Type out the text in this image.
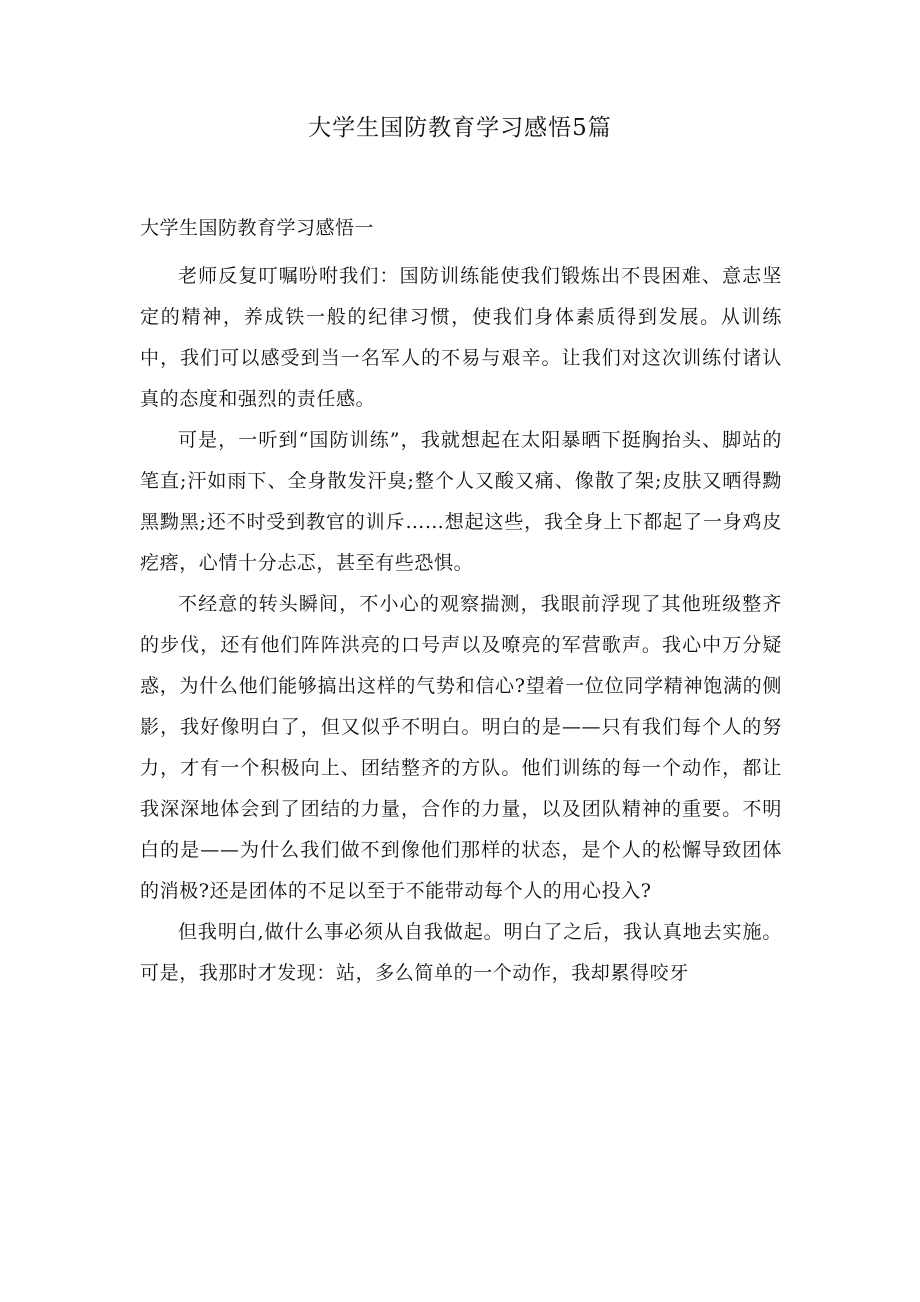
大学生国防教育学习感悟5篇
大学生国防教育学习感悟一

老师反复叮嘱吩咐我们：国防训练能使我们锻炼出不畏困难、意志坚定的精神，养成铁一般的纪律习惯，使我们身体素质得到发展。从训练中，我们可以感受到当一名军人的不易与艰辛。让我们对这次训练付诸认真的态度和强烈的责任感。

可是，一听到“国防训练”，我就想起在太阳暴晒下挺胸抬头、脚站的笔直;汗如雨下、全身散发汗臭;整个人又酸又痛、像散了架;皮肤又晒得黝黑黝黑;还不时受到教官的训斥……想起这些，我全身上下都起了一身鸡皮疙瘩，心情十分忐忑，甚至有些恐惧。

不经意的转头瞬间，不小心的观察揣测，我眼前浮现了其他班级整齐的步伐，还有他们阵阵洪亮的口号声以及嘹亮的军营歌声。我心中万分疑惑，为什么他们能够搞出这样的气势和信心?望着一位位同学精神饱满的侧影，我好像明白了，但又似乎不明白。明白的是——只有我们每个人的努力，才有一个积极向上、团结整齐的方队。他们训练的每一个动作，都让我深深地体会到了团结的力量，合作的力量，以及团队精神的重要。不明白的是——为什么我们做不到像他们那样的状态，是个人的松懈导致团体的消极?还是团体的不足以至于不能带动每个人的用心投入?

但我明白,做什么事必须从自我做起。明白了之后，我认真地去实施。可是，我那时才发现：站，多么简单的一个动作，我却累得咬牙
